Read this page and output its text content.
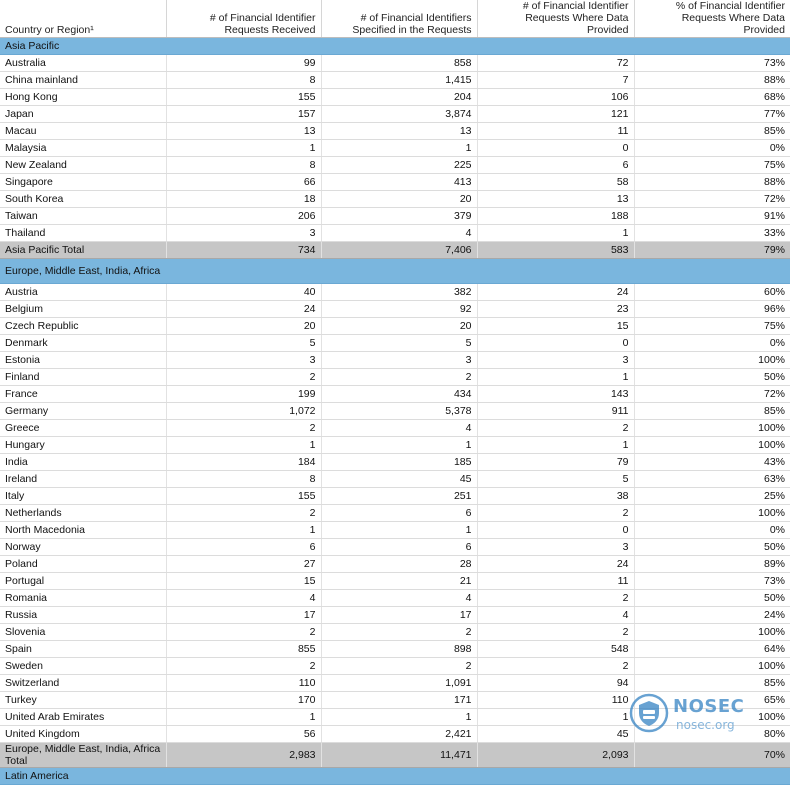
Country or Region¹	# of Financial Identifier Requests Received	# of Financial Identifiers Specified in the Requests	# of Financial Identifier Requests Where Data Provided	% of Financial Identifier Requests Where Data Provided
Asia Pacific				
Australia	99	858	72	73%
China mainland	8	1,415	7	88%
Hong Kong	155	204	106	68%
Japan	157	3,874	121	77%
Macau	13	13	11	85%
Malaysia	1	1	0	0%
New Zealand	8	225	6	75%
Singapore	66	413	58	88%
South Korea	18	20	13	72%
Taiwan	206	379	188	91%
Thailand	3	4	1	33%
Asia Pacific Total	734	7,406	583	79%
Europe, Middle East, India, Africa				
Austria	40	382	24	60%
Belgium	24	92	23	96%
Czech Republic	20	20	15	75%
Denmark	5	5	0	0%
Estonia	3	3	3	100%
Finland	2	2	1	50%
France	199	434	143	72%
Germany	1,072	5,378	911	85%
Greece	2	4	2	100%
Hungary	1	1	1	100%
India	184	185	79	43%
Ireland	8	45	5	63%
Italy	155	251	38	25%
Netherlands	2	6	2	100%
North Macedonia	1	1	0	0%
Norway	6	6	3	50%
Poland	27	28	24	89%
Portugal	15	21	11	73%
Romania	4	4	2	50%
Russia	17	17	4	24%
Slovenia	2	2	2	100%
Spain	855	898	548	64%
Sweden	2	2	2	100%
Switzerland	110	1,091	94	85%
Turkey	170	171	110	65%
United Arab Emirates	1	1	1	100%
United Kingdom	56	2,421	45	80%
Europe, Middle East, India, Africa Total	2,983	11,471	2,093	70%
Latin America				
NOSEC
nosec.org
